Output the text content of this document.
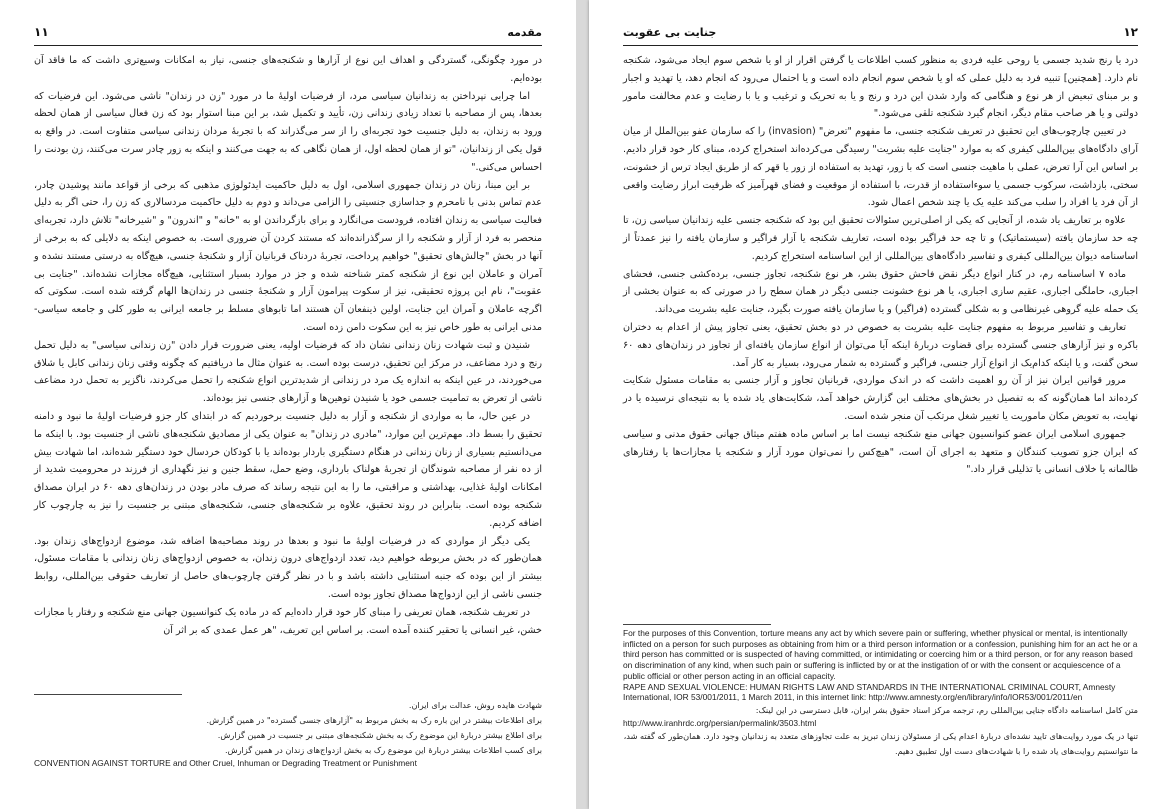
مقدمه
۱۱

در مورد چگونگی، گستردگی و اهداف این نوع از آزارها و شکنجه‌های جنسی، نیاز به امکانات وسیع‌تری داشت که ما فاقد آن بوده‌ایم.

اما چرایی نپرداختن به زندانیان سیاسی مرد، از فرضیات اولیهٔ ما در مورد "زن در زندان" ناشی می‌شود. این فرضیات که بعدها، پس از مصاحبه با تعداد زیادی زندانی زن، تأیید و تکمیل شد، بر این مبنا استوار بود که زن فعال سیاسی از همان لحظه ورود به زندان، به دلیل جنسیت خود تجربه‌ای را از سر می‌گذراند که با تجربهٔ مردان زندانی سیاسی متفاوت است. در واقع به قول یکی از زندانیان، "تو از همان لحظه اول، از همان نگاهی که به جهت می‌کنند و اینکه به زور چادر سرت می‌کنند، زن بودنت را احساس می‌کنی."

بر این مبنا، زنان در زندان جمهوری اسلامی، اول به دلیل حاکمیت ایدئولوژی مذهبی که برخی از قواعد مانند پوشیدن چادر، عدم تماس بدنی با نامحرم و جداسازی جنسیتی را الزامی می‌داند و دوم به دلیل حاکمیت مردسالاری که زن را، حتی اگر به دلیل فعالیت سیاسی به زندان افتاده، فرودست می‌انگارد و برای بازگرداندن او به "خانه" و "اندرون" و "شیرخانه" تلاش دارد، تجربه‌ای منحصر به فرد از آزار و شکنجه را از سرگذرانده‌اند که مستند کردن آن ضروری است. به خصوص اینکه به دلایلی که به برخی از آنها در بخش "چالش‌های تحقیق" خواهیم پرداخت، تجربهٔ دردناک قربانیان آزار و شکنجهٔ جنسی، هیچ‌گاه به درستی مستند نشده و آمران و عاملان این نوع از شکنجه کمتر شناخته شده و جز در موارد بسیار استثنایی، هیچ‌گاه مجازات نشده‌اند. "جنایت بی عقوبت"، نام این پروژه تحقیقی، نیز از سکوت پیرامون آزار و شکنجهٔ جنسی در زندان‌ها الهام گرفته شده است. سکوتی که اگرچه عاملان و آمران این جنایت، اولین ذینفعان آن هستند اما تابوهای مسلط بر جامعه ایرانی به طور کلی و جامعه سیاسی- مدنی ایرانی به طور خاص نیز به این سکوت دامن زده است.

شنیدن و ثبت شهادت زنان زندانی نشان داد که فرضیات اولیه، یعنی ضرورت قرار دادن "زن زندانی سیاسی" به دلیل تحمل رنج و درد مضاعف، در مرکز این تحقیق، درست بوده است. به عنوان مثال ما دریافتیم که چگونه وقتی زنان زندانی کابل یا شلاق می‌خوردند، در عین اینکه به اندازه یک مرد در زندانی از شدیدترین انواع شکنجه را تحمل می‌کردند، ناگزیر به تحمل درد مضاعف ناشی از تعرض به تمامیت جسمی خود یا شنیدن توهین‌ها و آزارهای جنسی نیز بوده‌اند.

در عین حال، ما به مواردی از شکنجه و آزار به دلیل جنسیت برخوردیم که در ابتدای کار جزو فرضیات اولیهٔ ما نبود و دامنه تحقیق را بسط داد. مهم‌ترین این موارد، "مادری در زندان" به عنوان یکی از مصادیق شکنجه‌های ناشی از جنسیت بود. با اینکه ما می‌دانستیم بسیاری از زنان زندانی در هنگام دستگیری باردار بوده‌اند یا با کودکان خردسال خود دستگیر شده‌اند، اما شهادت بیش از ده نفر از مصاحبه شوندگان از تجربهٔ هولناک بارداری، وضع حمل، سقط جنین و نیز نگهداری از فرزند در محرومیت شدید از امکانات اولیهٔ غذایی، بهداشتی و مراقبتی، ما را به این نتیجه رساند که صرف مادر بودن در زندان‌های دهه ۶۰ در ایران مصداق شکنجه بوده است. بنابراین در روند تحقیق، علاوه بر شکنجه‌های جنسی، شکنجه‌های مبتنی بر جنسیت را نیز به چارچوب کار اضافه کردیم.

یکی دیگر از مواردی که در فرضیات اولیهٔ ما نبود و بعدها در روند مصاحبه‌ها اضافه شد، موضوع ازدواج‌های زندان بود. همان‌طور که در بخش مربوطه خواهیم دید، تعدد ازدواج‌های درون زندان، به خصوص ازدواج‌های زنان زندانی با مقامات مسئول، بیشتر از این بوده که جنبه استثنایی داشته باشد و با در نظر گرفتن چارچوب‌های حاصل از تعاریف حقوقی بین‌المللی، روابط جنسی ناشی از این ازدواج‌ها مصداق تجاوز بوده است.

در تعریف شکنجه، همان تعریفی را مبنای کار خود قرار داده‌ایم که در ماده یک کنوانسیون جهانی منع شکنجه و رفتار یا مجازات خشن، غیر انسانی یا تحقیر کننده آمده است. بر اساس این تعریف، "هر عمل عمدی که بر اثر آن

شهادت هایده روش، عدالت برای ایران.

برای اطلاعات بیشتر در این باره رک به بخش مربوط به "آزارهای جنسی گسترده" در همین گزارش.

برای اطلاع بیشتر دربارهٔ این موضوع رک به بخش شکنجه‌های مبتنی بر جنسیت در همین گزارش.

برای کسب اطلاعات بیشتر دربارهٔ این موضوع رک به بخش ازدواج‌های زندان در همین گزارش.

CONVENTION AGAINST TORTURE and Other Cruel, Inhuman or Degrading Treatment or Punishment

۱۲
جنایت بی عقوبت

درد یا رنج شدید جسمی یا روحی علیه فردی به منظور کسب اطلاعات یا گرفتن اقرار از او یا شخص سوم ایجاد می‌شود، شکنجه نام دارد. [همچنین] تنبیه فرد به دلیل عملی که او یا شخص سوم انجام داده است و یا احتمال می‌رود که انجام دهد، یا تهدید و اجبار و بر مبنای تبعیض از هر نوع و هنگامی که وارد شدن این درد و رنج و یا به تحریک و ترغیب و یا با رضایت و عدم مخالفت مامور دولتی و یا هر صاحب مقام دیگر، انجام گیرد شکنجه تلقی می‌شود."

در تعیین چارچوب‌های این تحقیق در تعریف شکنجه جنسی، ما مفهوم "تعرض" (invasion) را که سازمان عفو بین‌الملل از میان آرای دادگاه‌های بین‌المللی کیفری که به موارد "جنایت علیه بشریت" رسیدگی می‌کرده‌اند استخراج کرده، مبنای کار خود قرار دادیم. بر اساس این آرا تعرض، عملی با ماهیت جنسی است که با زور، تهدید به استفاده از زور یا قهر که از طریق ایجاد ترس از خشونت، سختی، بازداشت، سرکوب جسمی یا سوءاستفاده از قدرت، با استفاده از موقعیت و فضای قهرآمیز که ظرفیت ابراز رضایت واقعی از آن فرد یا افراد را سلب می‌کند علیه یک یا چند شخص اعمال شود.

علاوه بر تعاریف یاد شده، از آنجایی که یکی از اصلی‌ترین سئوالات تحقیق این بود که شکنجه جنسی علیه زندانیان سیاسی زن، تا چه حد سازمان یافته (سیستماتیک) و تا چه حد فراگیر بوده است، تعاریف شکنجه یا آزار فراگیر و سازمان یافته را نیز عمدتاً از اساسنامه دیوان بین‌المللی کیفری و تفاسیر دادگاه‌های بین‌المللی از این اساسنامه استخراج کردیم.

ماده ۷ اساسنامه رم، در کنار انواع دیگر نقض فاحش حقوق بشر، هر نوع شکنجه، تجاوز جنسی، برده‌کشی جنسی، فحشای اجباری، حاملگی اجباری، عقیم سازی اجباری، یا هر نوع خشونت جنسی دیگر در همان سطح را در صورتی که به عنوان بخشی از یک حمله علیه گروهی غیرنظامی و به شکلی گسترده (فراگیر) و یا سازمان یافته صورت بگیرد، جنایت علیه بشریت می‌داند.

تعاریف و تفاسیر مربوط به مفهوم جنایت علیه بشریت به خصوص در دو بخش تحقیق، یعنی تجاوز پیش از اعدام به دختران باکره و نیز آزارهای جنسی گسترده برای قضاوت دربارهٔ اینکه آیا می‌توان از انواع سازمان یافته‌ای از تجاوز در زندان‌های دهه ۶۰ سخن گفت، و یا اینکه کدام‌یک از انواع آزار جنسی، فراگیر و گسترده به شمار می‌رود، بسیار به کار آمد.

مرور قوانین ایران نیز از آن رو اهمیت داشت که در اندک مواردی، قربانیان تجاوز و آزار جنسی به مقامات مسئول شکایت کرده‌اند اما همان‌گونه که به تفصیل در بخش‌های مختلف این گزارش خواهد آمد، شکایت‌های یاد شده یا به نتیجه‌ای نرسیده یا در نهایت، به تعویض مکان ماموریت یا تغییر شغل مرتکب آن منجر شده است.

جمهوری اسلامی ایران عضو کنوانسیون جهانی منع شکنجه نیست اما بر اساس ماده هفتم میثاق جهانی حقوق مدنی و سیاسی که ایران جزو تصویب کنندگان و متعهد به اجرای آن است، "هیچ‌کس را نمی‌توان مورد آزار و شکنجه یا مجازات‌ها یا رفتارهای ظالمانه یا خلاف انسانی یا تذلیلی قرار داد."

For the purposes of this Convention, torture means any act by which severe pain or suffering, whether physical or mental, is intentionally inflicted on a person for such purposes as obtaining from him or a third person information or a confession, punishing him for an act he or a third person has committed or is suspected of having committed, or intimidating or coercing him or a third person, or for any reason based on discrimination of any kind, when such pain or suffering is inflicted by or at the instigation of or with the consent or acquiescence of a public official or other person acting in an official capacity.

RAPE AND SEXUAL VIOLENCE: HUMAN RIGHTS LAW AND STANDARDS IN THE INTERNATIONAL CRIMINAL COURT, Amnesty International, IOR 53/001/2011, 1 March 2011, in this internet link: http://www.amnesty.org/en/library/info/IOR53/001/2011/en

متن کامل اساسنامه دادگاه جنایی بین‌المللی رم، ترجمه مرکز اسناد حقوق بشر ایران، قابل دسترسی در این لینک:

http://www.iranhrdc.org/persian/permalink/3503.html

تنها در یک مورد روایت‌های تایید نشده‌ای دربارهٔ اعدام یکی از مسئولان زندان تبریز به علت تجاوزهای متعدد به زندانیان وجود دارد. همان‌طور که گفته شد، ما نتوانستیم روایت‌های یاد شده را با شهادت‌های دست اول تطبیق دهیم.
